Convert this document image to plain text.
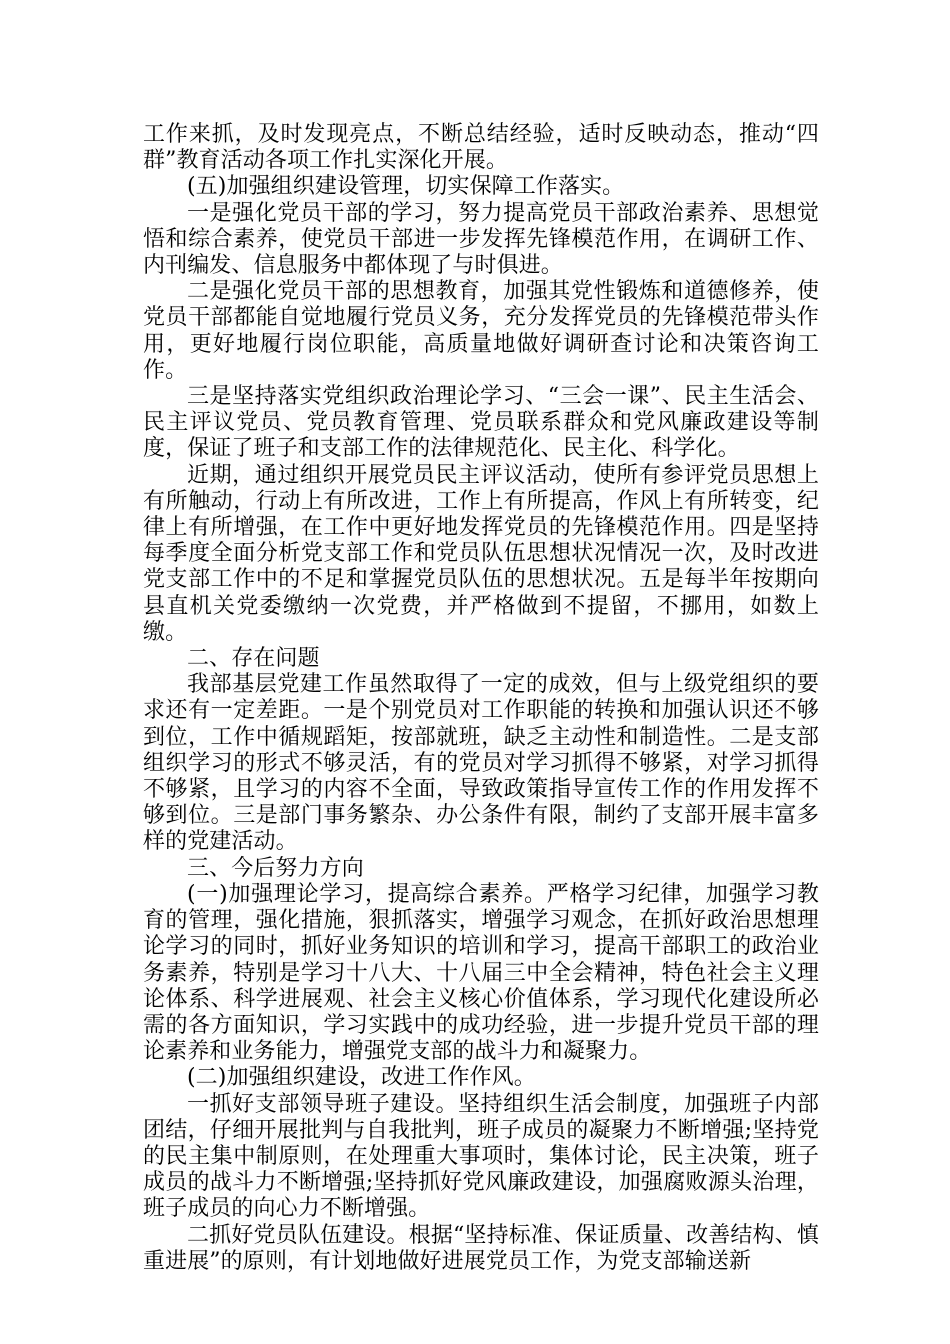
工作来抓，及时发现亮点，不断总结经验，适时反映动态，推动“四群”教育活动各项工作扎实深化开展。

(五)加强组织建设管理，切实保障工作落实。

一是强化党员干部的学习，努力提高党员干部政治素养、思想觉悟和综合素养，使党员干部进一步发挥先锋模范作用，在调研工作、内刊编发、信息服务中都体现了与时俱进。

二是强化党员干部的思想教育，加强其党性锻炼和道德修养，使党员干部都能自觉地履行党员义务，充分发挥党员的先锋模范带头作用，更好地履行岗位职能，高质量地做好调研查讨论和决策咨询工作。

三是坚持落实党组织政治理论学习、“三会一课”、民主生活会、民主评议党员、党员教育管理、党员联系群众和党风廉政建设等制度，保证了班子和支部工作的法律规范化、民主化、科学化。

近期，通过组织开展党员民主评议活动，使所有参评党员思想上有所触动，行动上有所改进，工作上有所提高，作风上有所转变，纪律上有所增强，在工作中更好地发挥党员的先锋模范作用。四是坚持每季度全面分析党支部工作和党员队伍思想状况情况一次，及时改进党支部工作中的不足和掌握党员队伍的思想状况。五是每半年按期向县直机关党委缴纳一次党费，并严格做到不提留，不挪用，如数上缴。

二、存在问题

我部基层党建工作虽然取得了一定的成效，但与上级党组织的要求还有一定差距。一是个别党员对工作职能的转换和加强认识还不够到位，工作中循规蹈矩，按部就班，缺乏主动性和制造性。二是支部组织学习的形式不够灵活，有的党员对学习抓得不够紧，对学习抓得不够紧，且学习的内容不全面，导致政策指导宣传工作的作用发挥不够到位。三是部门事务繁杂、办公条件有限，制约了支部开展丰富多样的党建活动。

三、今后努力方向

(一)加强理论学习，提高综合素养。严格学习纪律，加强学习教育的管理，强化措施，狠抓落实，增强学习观念，在抓好政治思想理论学习的同时，抓好业务知识的培训和学习，提高干部职工的政治业务素养，特别是学习十八大、十八届三中全会精神，特色社会主义理论体系、科学进展观、社会主义核心价值体系，学习现代化建设所必需的各方面知识，学习实践中的成功经验，进一步提升党员干部的理论素养和业务能力，增强党支部的战斗力和凝聚力。

(二)加强组织建设，改进工作作风。

一抓好支部领导班子建设。坚持组织生活会制度，加强班子内部团结，仔细开展批判与自我批判，班子成员的凝聚力不断增强;坚持党的民主集中制原则，在处理重大事项时，集体讨论，民主决策，班子成员的战斗力不断增强;坚持抓好党风廉政建设，加强腐败源头治理，班子成员的向心力不断增强。

二抓好党员队伍建设。根据“坚持标准、保证质量、改善结构、慎重进展”的原则，有计划地做好进展党员工作，为党支部输送新
